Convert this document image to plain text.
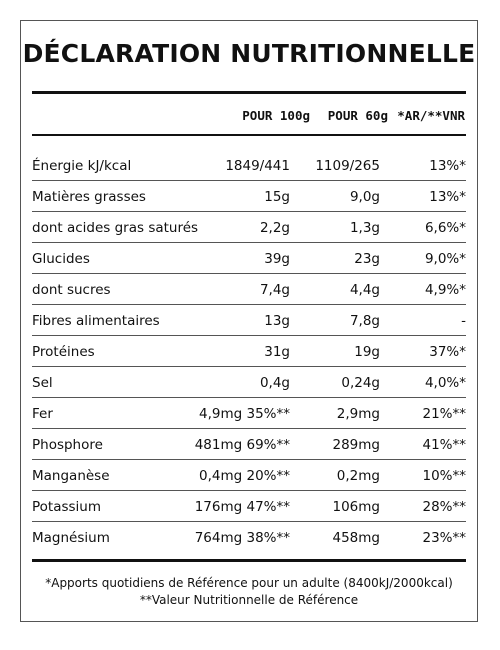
DÉCLARATION NUTRITIONNELLE
POUR 100g POUR 60g *AR/**VNR
Énergie kJ/kcal	1849/441 1109/265	13%*
Matières grasses	15g	9,0g	13%*
dont acides gras saturés	2,2g	1,3g	6,6%*
Glucides	39g	23g	9,0%*
dont sucres	7,4g	4,4g	4,9%*
Fibres alimentaires	13g	7,8g	-
Protéines	31g	19g	37%*
Sel	0,4g	0,24g	4,0%*
Fer	4,9mg 35%**	2,9mg	21%**
Phosphore	481mg 69%**	289mg	41%**
Manganèse	0,4mg 20%**	0,2mg	10%**
Potassium	176mg 47%**	106mg	28%**
Magnésium	764mg 38%**	458mg	23%**
*Apports quotidiens de Référence pour un adulte (8400kJ/2000kcal)
**Valeur Nutritionnelle de Référence
